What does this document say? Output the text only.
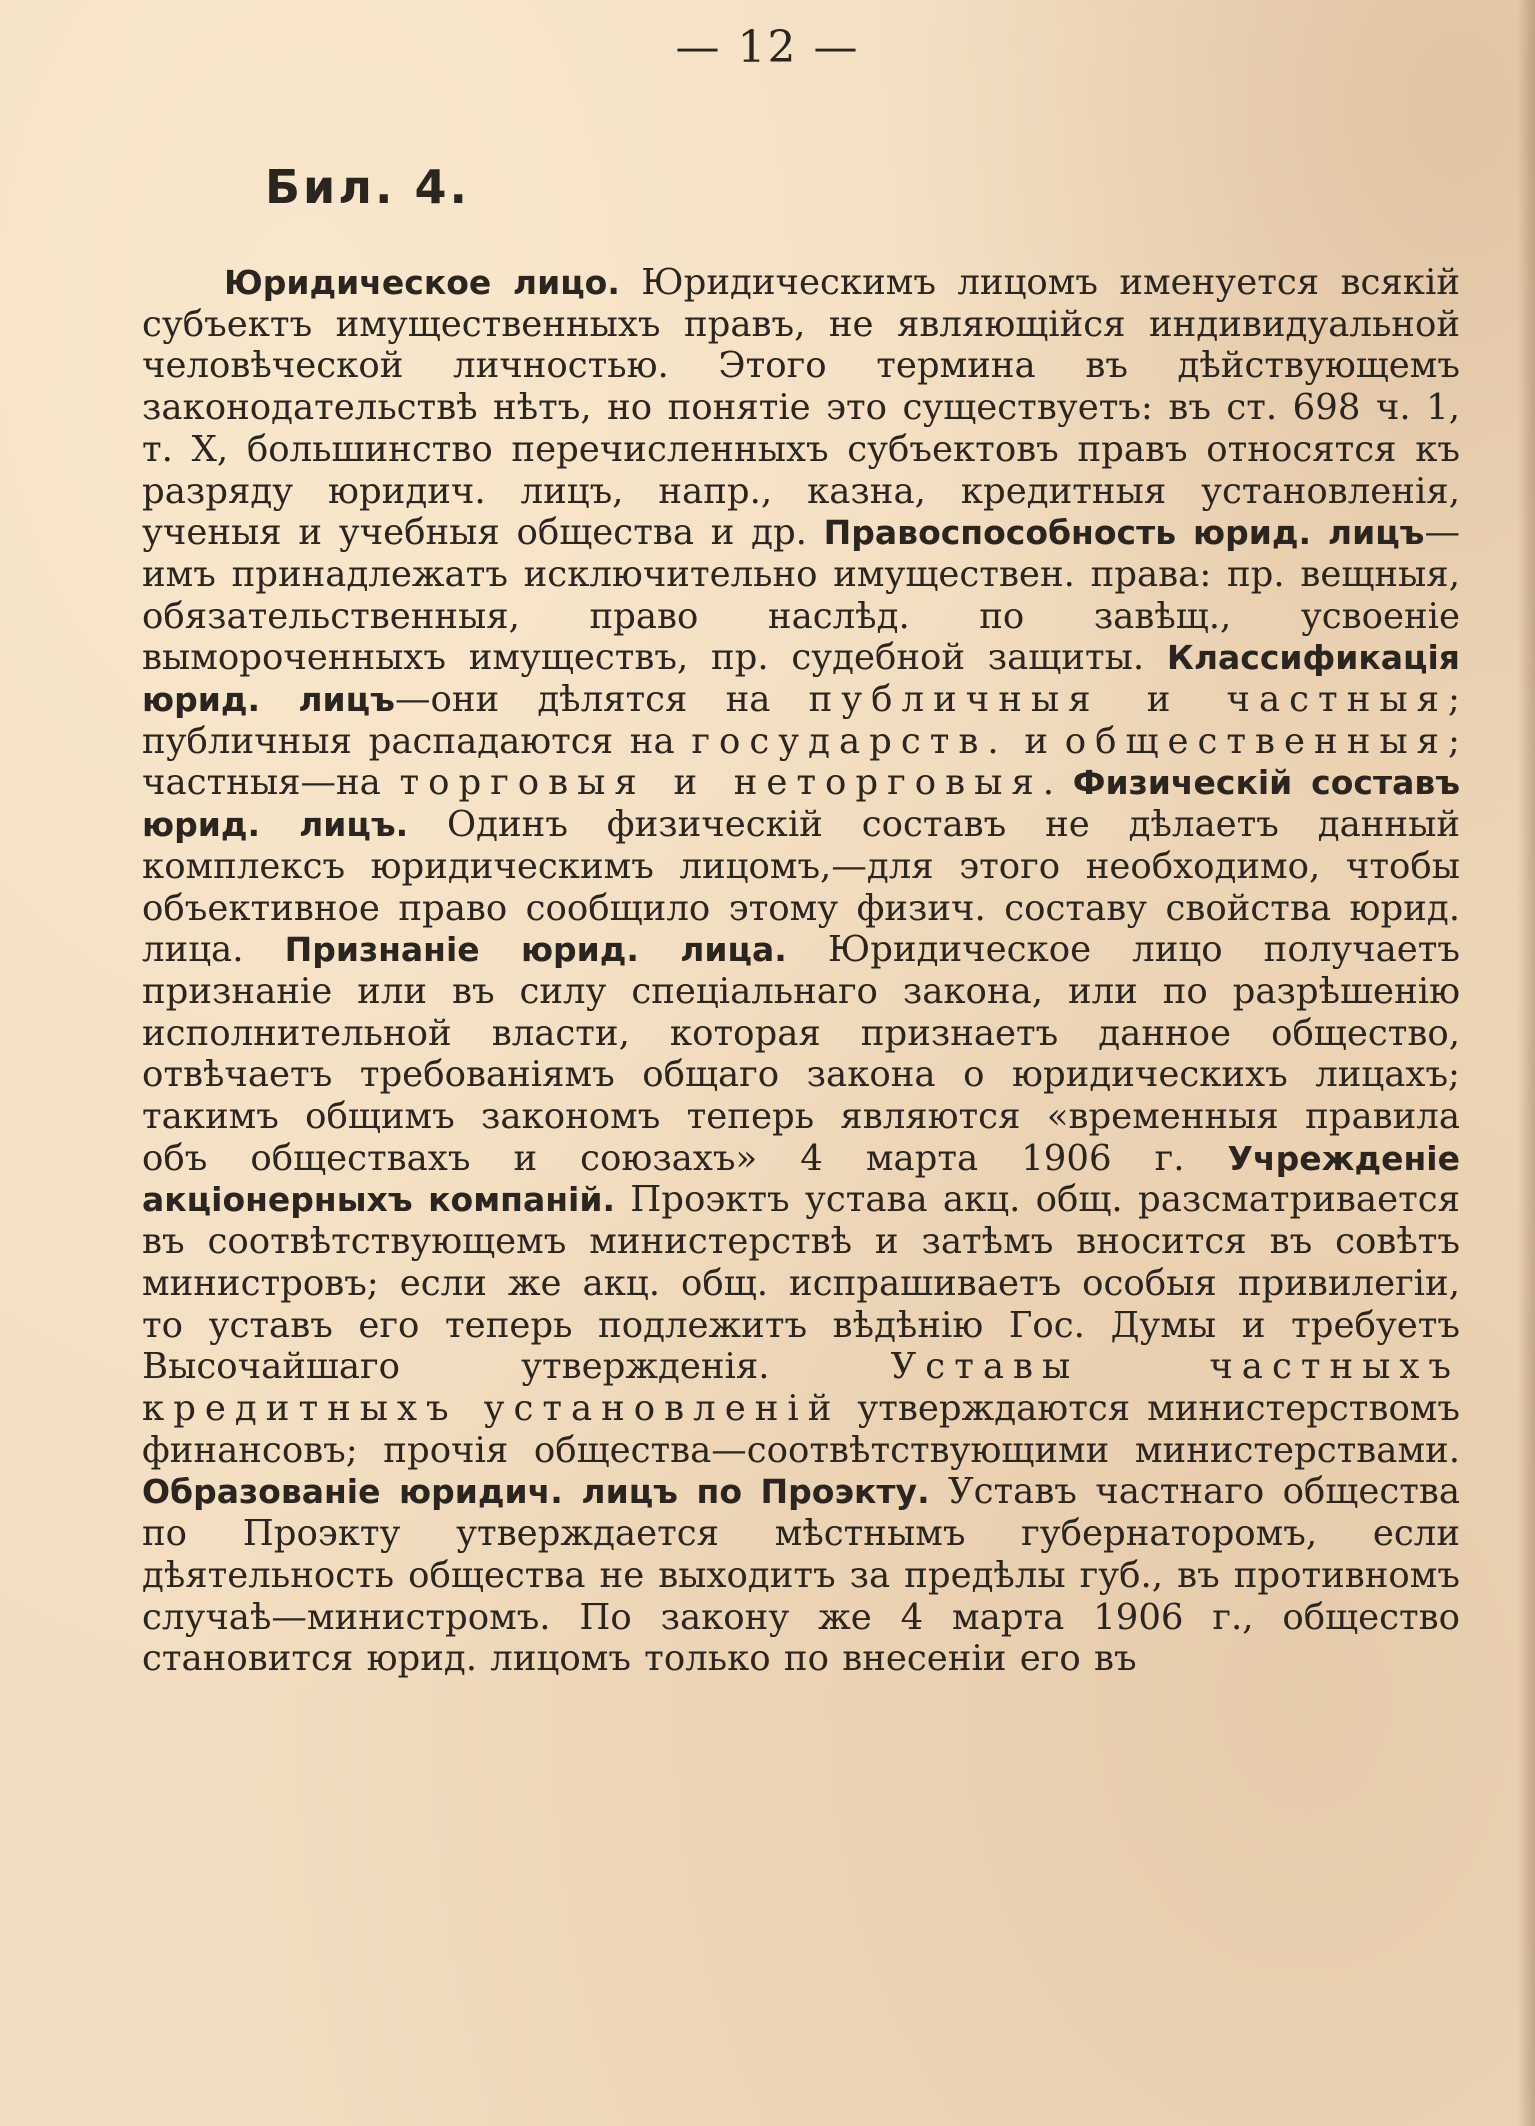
— 12 —
Бил. 4.
Юридическое лицо. Юридическимъ лицомъ именуется всякій субъектъ имущественныхъ правъ, не являющійся индивидуальной человѣческой личностью. Этого термина въ дѣйствующемъ законодательствѣ нѣтъ, но понятіе это существуетъ: въ ст. 698 ч. 1, т. X, большинство перечисленныхъ субъектовъ правъ относятся къ разряду юридич. лицъ, напр., казна, кредитныя установленія, ученыя и учебныя общества и др. Правоспособность юрид. лицъ—имъ принадлежатъ исключительно имуществен. права: пр. вещныя, обязательственныя, право наслѣд. по завѣщ., усвоеніе вымороченныхъ имуществъ, пр. судебной защиты. Классификація юрид. лицъ—они дѣлятся на публичныя и частныя; публичныя распадаются на государств. и общественныя; частныя—на торговыя и неторговыя. Физическій составъ юрид. лицъ. Одинъ физическій составъ не дѣлаетъ данный комплексъ юридическимъ лицомъ,—для этого необходимо, чтобы объективное право сообщило этому физич. составу свойства юрид. лица. Признаніе юрид. лица. Юридическое лицо получаетъ признаніе или въ силу спеціальнаго закона, или по разрѣшенію исполнительной власти, которая признаетъ данное общество, отвѣчаетъ требованіямъ общаго закона о юридическихъ лицахъ; такимъ общимъ закономъ теперь являются «временныя правила объ обществахъ и союзахъ» 4 марта 1906 г. Учрежденіе акціонерныхъ компаній. Проэктъ устава акц. общ. разсматривается въ соотвѣтствующемъ министерствѣ и затѣмъ вносится въ совѣтъ министровъ; если же акц. общ. испрашиваетъ особыя привилегіи, то уставъ его теперь подлежитъ вѣдѣнію Гос. Думы и требуетъ Высочайшаго утвержденія. Уставы частныхъ кредитныхъ установленій утверждаются министерствомъ финансовъ; прочія общества—соотвѣтствующими министерствами. Образованіе юридич. лицъ по Проэкту. Уставъ частнаго общества по Проэкту утверждается мѣстнымъ губернаторомъ, если дѣятельность общества не выходитъ за предѣлы губ., въ противномъ случаѣ—министромъ. По закону же 4 марта 1906 г., общество становится юрид. лицомъ только по внесеніи его въ
